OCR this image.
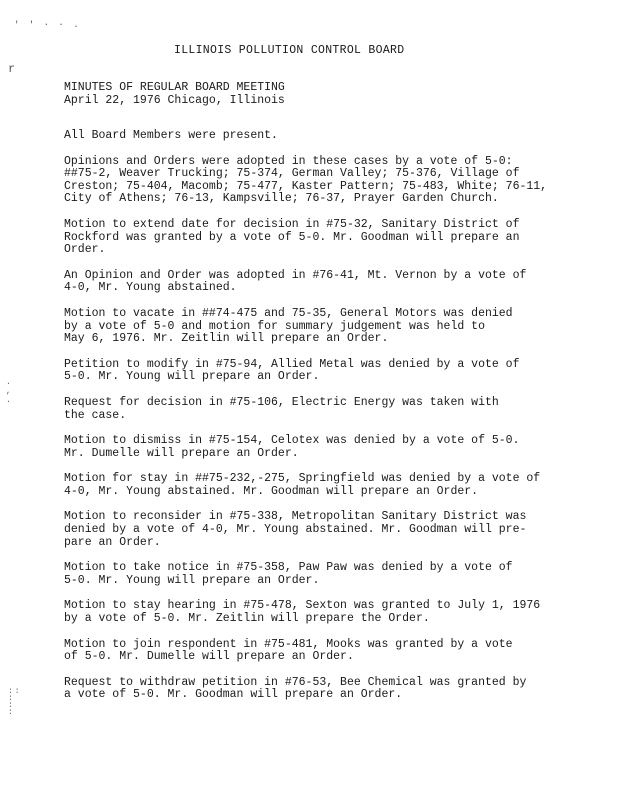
' ' · · .
r
. , .
:: : : :
ILLINOIS POLLUTION CONTROL BOARD
MINUTES OF REGULAR BOARD MEETING
April 22, 1976 Chicago, Illinois

All Board Members were present.

Opinions and Orders were adopted in these cases by a vote of 5-0:
##75-2, Weaver Trucking; 75-374, German Valley; 75-376, Village of
Creston; 75-404, Macomb; 75-477, Kaster Pattern; 75-483, White; 76-11,
City of Athens; 76-13, Kampsville; 76-37, Prayer Garden Church.

Motion to extend date for decision in #75-32, Sanitary District of
Rockford was granted by a vote of 5-0. Mr. Goodman will prepare an
Order.

An Opinion and Order was adopted in #76-41, Mt. Vernon by a vote of
4-0, Mr. Young abstained.

Motion to vacate in ##74-475 and 75-35, General Motors was denied
by a vote of 5-0 and motion for summary judgement was held to
May 6, 1976. Mr. Zeitlin will prepare an Order.

Petition to modify in #75-94, Allied Metal was denied by a vote of
5-0. Mr. Young will prepare an Order.

Request for decision in #75-106, Electric Energy was taken with
the case.

Motion to dismiss in #75-154, Celotex was denied by a vote of 5-0.
Mr. Dumelle will prepare an Order.

Motion for stay in ##75-232,-275, Springfield was denied by a vote of
4-0, Mr. Young abstained. Mr. Goodman will prepare an Order.

Motion to reconsider in #75-338, Metropolitan Sanitary District was
denied by a vote of 4-0, Mr. Young abstained. Mr. Goodman will pre-
pare an Order.

Motion to take notice in #75-358, Paw Paw was denied by a vote of
5-0. Mr. Young will prepare an Order.

Motion to stay hearing in #75-478, Sexton was granted to July 1, 1976
by a vote of 5-0. Mr. Zeitlin will prepare the Order.

Motion to join respondent in #75-481, Mooks was granted by a vote
of 5-0. Mr. Dumelle will prepare an Order.

Request to withdraw petition in #76-53, Bee Chemical was granted by
a vote of 5-0. Mr. Goodman will prepare an Order.
